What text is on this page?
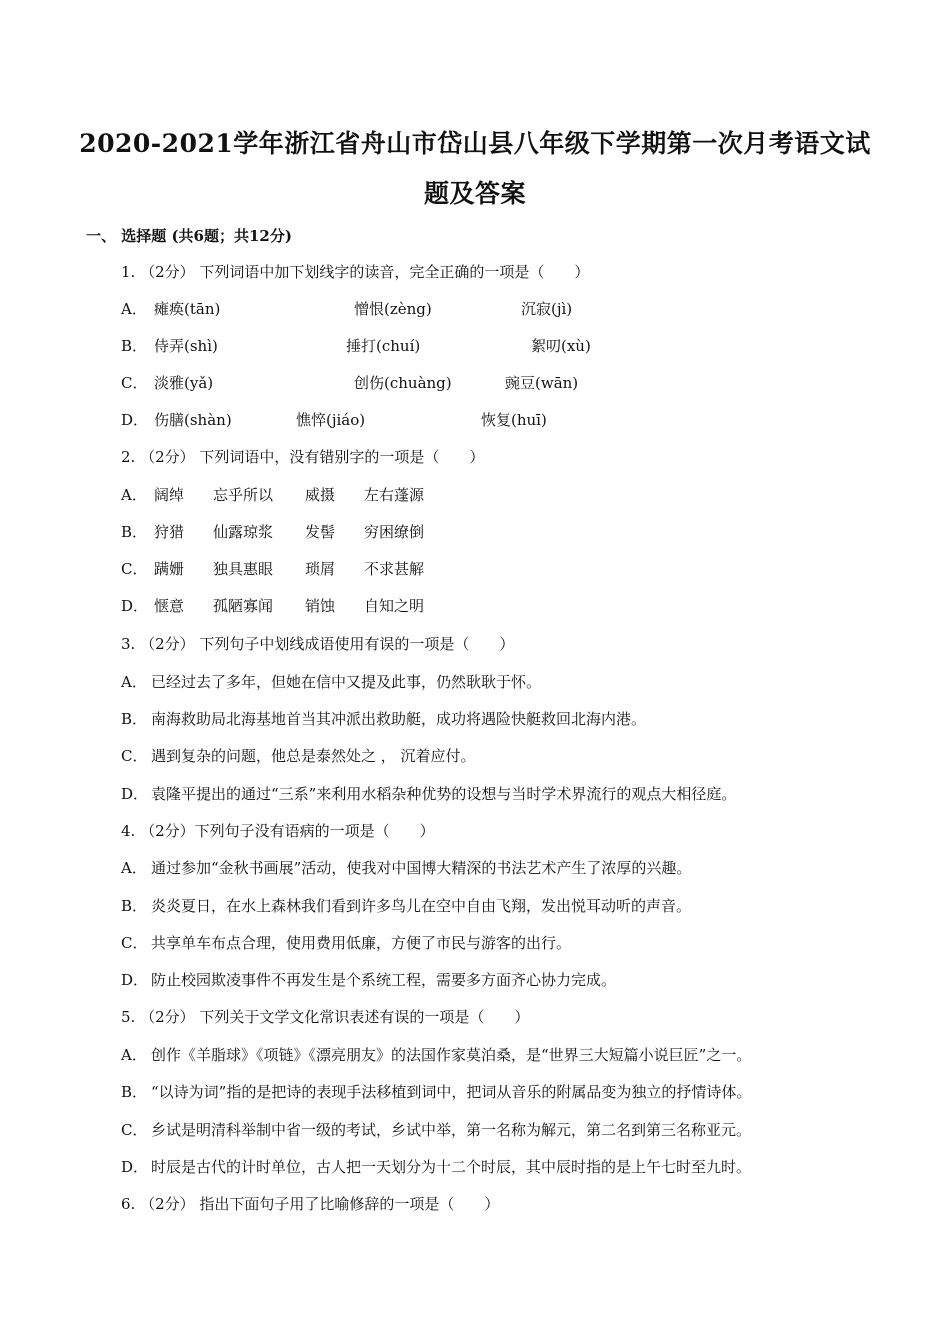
2020-2021学年浙江省舟山市岱山县八年级下学期第一次月考语文试
题及答案
一、 选择题 (共6题；共12分)
1. （2分） 下列词语中加下划线字的读音，完全正确的一项是（　　）
A． 瘫痪(tān)	憎恨(zèng)	沉寂(jì)
B． 侍弄(shì)	捶打(chuí)	絮叨(xù)
C． 淡雅(yǎ)	创伤(chuàng)	豌豆(wān)
D． 伤膳(shàn)	憔悴(jiáo)	恢复(huī)
2. （2分） 下列词语中，没有错别字的一项是（　　）
A． 阔绰 忘乎所以 威摄 左右蓬源
B． 狩猎 仙露琼浆 发髻 穷困缭倒
C． 蹒姗 独具惠眼 琐屑 不求甚解
D． 惬意 孤陋寡闻 销蚀 自知之明
3. （2分） 下列句子中划线成语使用有误的一项是（　　）
A． 已经过去了多年，但她在信中又提及此事，仍然耿耿于怀。
B． 南海救助局北海基地首当其冲派出救助艇，成功将遇险快艇救回北海内港。
C． 遇到复杂的问题，他总是泰然处之 ， 沉着应付。
D． 袁隆平提出的通过“三系”来利用水稻杂种优势的设想与当时学术界流行的观点大相径庭。
4. （2分）下列句子没有语病的一项是（　　）
A． 通过参加“金秋书画展”活动，使我对中国博大精深的书法艺术产生了浓厚的兴趣。
B． 炎炎夏日，在水上森林我们看到许多鸟儿在空中自由飞翔，发出悦耳动听的声音。
C． 共享单车布点合理，使用费用低廉，方便了市民与游客的出行。
D． 防止校园欺凌事件不再发生是个系统工程，需要多方面齐心协力完成。
5. （2分） 下列关于文学文化常识表述有误的一项是（　　）
A． 创作《羊脂球》《项链》《漂亮朋友》的法国作家莫泊桑，是“世界三大短篇小说巨匠”之一。
B． “以诗为词”指的是把诗的表现手法移植到词中，把词从音乐的附属品变为独立的抒情诗体。
C． 乡试是明清科举制中省一级的考试，乡试中举，第一名称为解元，第二名到第三名称亚元。
D． 时辰是古代的计时单位，古人把一天划分为十二个时辰，其中辰时指的是上午七时至九时。
6. （2分） 指出下面句子用了比喻修辞的一项是（　　）
